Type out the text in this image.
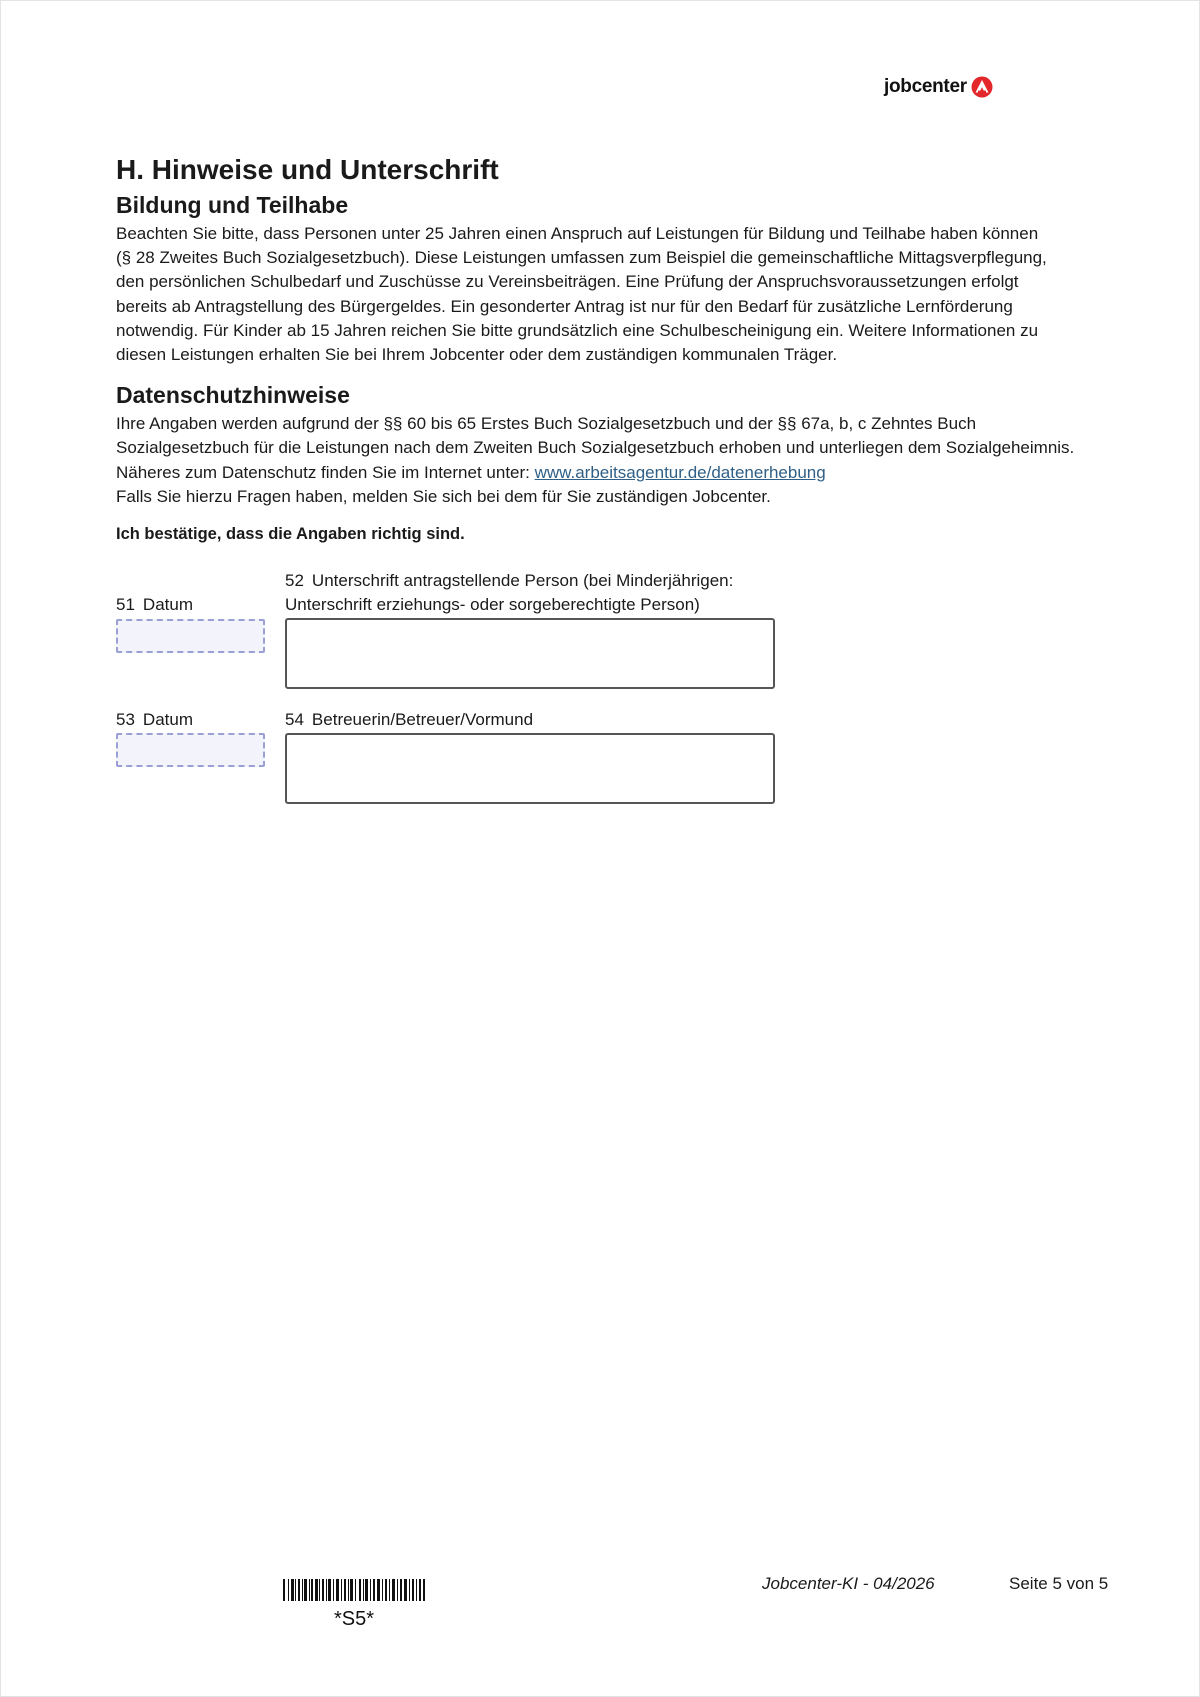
jobcenter
H. Hinweise und Unterschrift
Bildung und Teilhabe

Beachten Sie bitte, dass Personen unter 25 Jahren einen Anspruch auf Leistungen für Bildung und Teilhabe haben können
(§ 28 Zweites Buch Sozialgesetzbuch). Diese Leistungen umfassen zum Beispiel die gemeinschaftliche Mittagsverpflegung,
den persönlichen Schulbedarf und Zuschüsse zu Vereinsbeiträgen. Eine Prüfung der Anspruchsvoraussetzungen erfolgt
bereits ab Antragstellung des Bürgergeldes. Ein gesonderter Antrag ist nur für den Bedarf für zusätzliche Lernförderung
notwendig. Für Kinder ab 15 Jahren reichen Sie bitte grundsätzlich eine Schulbescheinigung ein. Weitere Informationen zu
diesen Leistungen erhalten Sie bei Ihrem Jobcenter oder dem zuständigen kommunalen Träger.

Datenschutzhinweise

Ihre Angaben werden aufgrund der §§ 60 bis 65 Erstes Buch Sozialgesetzbuch und der §§ 67a, b, c Zehntes Buch
Sozialgesetzbuch für die Leistungen nach dem Zweiten Buch Sozialgesetzbuch erhoben und unterliegen dem Sozialgeheimnis.
Näheres zum Datenschutz finden Sie im Internet unter: www.arbeitsagentur.de/datenerhebung
Falls Sie hierzu Fragen haben, melden Sie sich bei dem für Sie zuständigen Jobcenter.

Ich bestätige, dass die Angaben richtig sind.
51 Datum
52 Unterschrift antragstellende Person (bei Minderjährigen:
Unterschrift erziehungs- oder sorgeberechtigte Person)
53 Datum	54 Betreuerin/Betreuer/Vormund
*S5*
Jobcenter-KI - 04/2026	Seite 5 von 5
